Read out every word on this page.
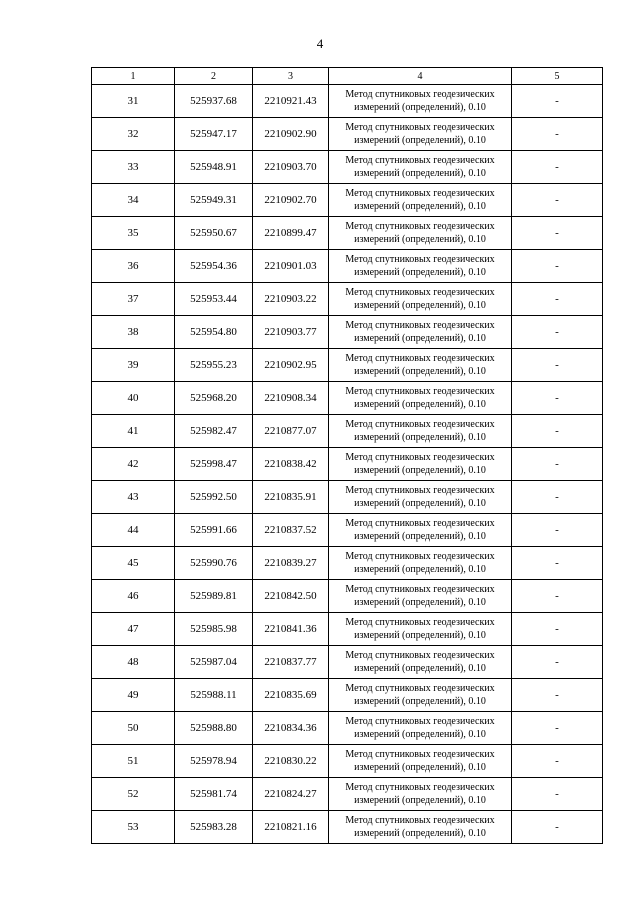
4
1	2	3	4	5
31	525937.68	2210921.43	Метод спутниковых геодезических измерений (определений), 0.10	-
32	525947.17	2210902.90	Метод спутниковых геодезических измерений (определений), 0.10	-
33	525948.91	2210903.70	Метод спутниковых геодезических измерений (определений), 0.10	-
34	525949.31	2210902.70	Метод спутниковых геодезических измерений (определений), 0.10	-
35	525950.67	2210899.47	Метод спутниковых геодезических измерений (определений), 0.10	-
36	525954.36	2210901.03	Метод спутниковых геодезических измерений (определений), 0.10	-
37	525953.44	2210903.22	Метод спутниковых геодезических измерений (определений), 0.10	-
38	525954.80	2210903.77	Метод спутниковых геодезических измерений (определений), 0.10	-
39	525955.23	2210902.95	Метод спутниковых геодезических измерений (определений), 0.10	-
40	525968.20	2210908.34	Метод спутниковых геодезических измерений (определений), 0.10	-
41	525982.47	2210877.07	Метод спутниковых геодезических измерений (определений), 0.10	-
42	525998.47	2210838.42	Метод спутниковых геодезических измерений (определений), 0.10	-
43	525992.50	2210835.91	Метод спутниковых геодезических измерений (определений), 0.10	-
44	525991.66	2210837.52	Метод спутниковых геодезических измерений (определений), 0.10	-
45	525990.76	2210839.27	Метод спутниковых геодезических измерений (определений), 0.10	-
46	525989.81	2210842.50	Метод спутниковых геодезических измерений (определений), 0.10	-
47	525985.98	2210841.36	Метод спутниковых геодезических измерений (определений), 0.10	-
48	525987.04	2210837.77	Метод спутниковых геодезических измерений (определений), 0.10	-
49	525988.11	2210835.69	Метод спутниковых геодезических измерений (определений), 0.10	-
50	525988.80	2210834.36	Метод спутниковых геодезических измерений (определений), 0.10	-
51	525978.94	2210830.22	Метод спутниковых геодезических измерений (определений), 0.10	-
52	525981.74	2210824.27	Метод спутниковых геодезических измерений (определений), 0.10	-
53	525983.28	2210821.16	Метод спутниковых геодезических измерений (определений), 0.10	-
